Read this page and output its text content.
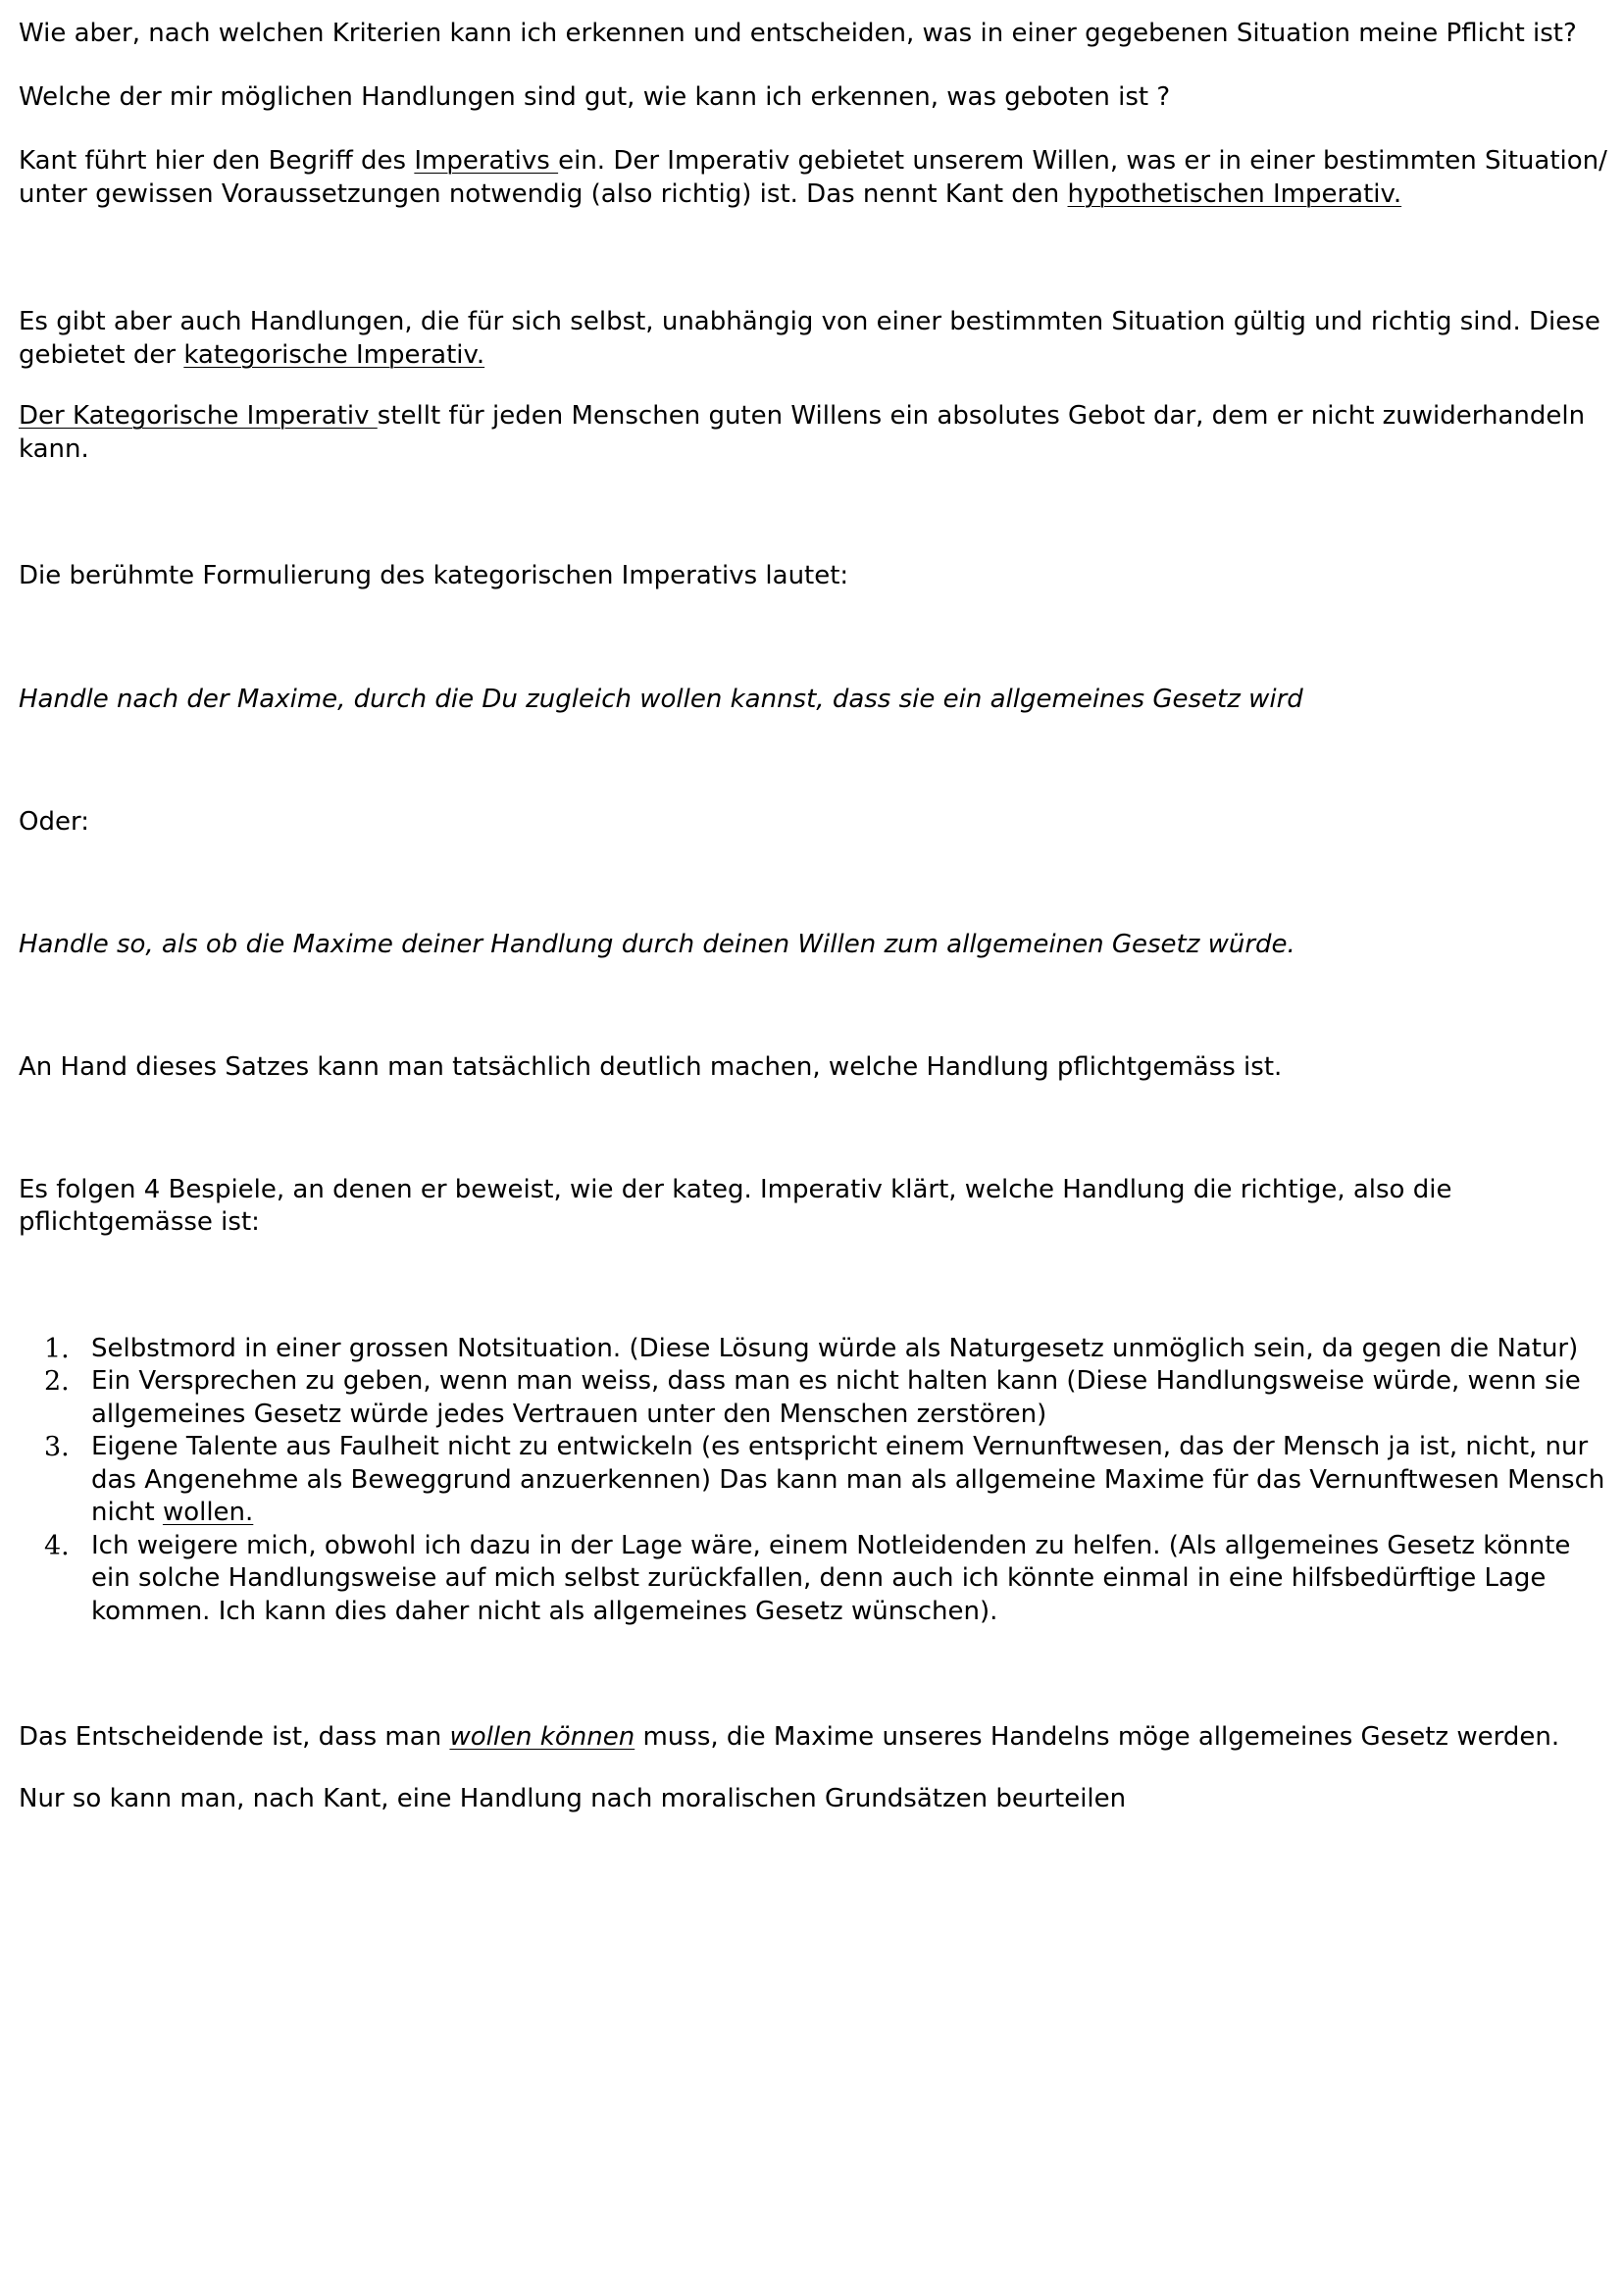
Wie aber, nach welchen Kriterien kann ich erkennen und entscheiden, was in einer gegebenen Situation meine Pflicht ist?

Welche der mir möglichen Handlungen sind gut, wie kann ich erkennen, was geboten ist ?

Kant führt hier den Begriff des Imperativs ein. Der Imperativ gebietet unserem Willen, was er in einer bestimmten Situation/ unter gewissen Voraussetzungen notwendig (also richtig) ist. Das nennt Kant den hypothetischen Imperativ.

Es gibt aber auch Handlungen, die für sich selbst, unabhängig von einer bestimmten Situation gültig und richtig sind. Diese gebietet der kategorische Imperativ.

Der Kategorische Imperativ stellt für jeden Menschen guten Willens ein absolutes Gebot dar, dem er nicht zuwiderhandeln kann.

Die berühmte Formulierung des kategorischen Imperativs lautet:

Handle nach der Maxime, durch die Du zugleich wollen kannst, dass sie ein allgemeines Gesetz wird

Oder:

Handle so, als ob die Maxime deiner Handlung durch deinen Willen zum allgemeinen Gesetz würde.

An Hand dieses Satzes kann man tatsächlich deutlich machen, welche Handlung pflichtgemäss ist.

Es folgen 4 Bespiele, an denen er beweist, wie der kateg. Imperativ klärt, welche Handlung die richtige, also die pflichtgemässe ist:

1. Selbstmord in einer grossen Notsituation. (Diese Lösung würde als Naturgesetz unmöglich sein, da gegen die Natur)
2. Ein Versprechen zu geben, wenn man weiss, dass man es nicht halten kann (Diese Handlungsweise würde, wenn sie allgemeines Gesetz würde jedes Vertrauen unter den Menschen zerstören)
3. Eigene Talente aus Faulheit nicht zu entwickeln (es entspricht einem Vernunftwesen, das der Mensch ja ist, nicht, nur das Angenehme als Beweggrund anzuerkennen) Das kann man als allgemeine Maxime für das Vernunftwesen Mensch nicht wollen.
4. Ich weigere mich, obwohl ich dazu in der Lage wäre, einem Notleidenden zu helfen. (Als allgemeines Gesetz könnte ein solche Handlungsweise auf mich selbst zurückfallen, denn auch ich könnte einmal in eine hilfsbedürftige Lage kommen. Ich kann dies daher nicht als allgemeines Gesetz wünschen).

Das Entscheidende ist, dass man wollen können muss, die Maxime unseres Handelns möge allgemeines Gesetz werden.

Nur so kann man, nach Kant, eine Handlung nach moralischen Grundsätzen beurteilen
